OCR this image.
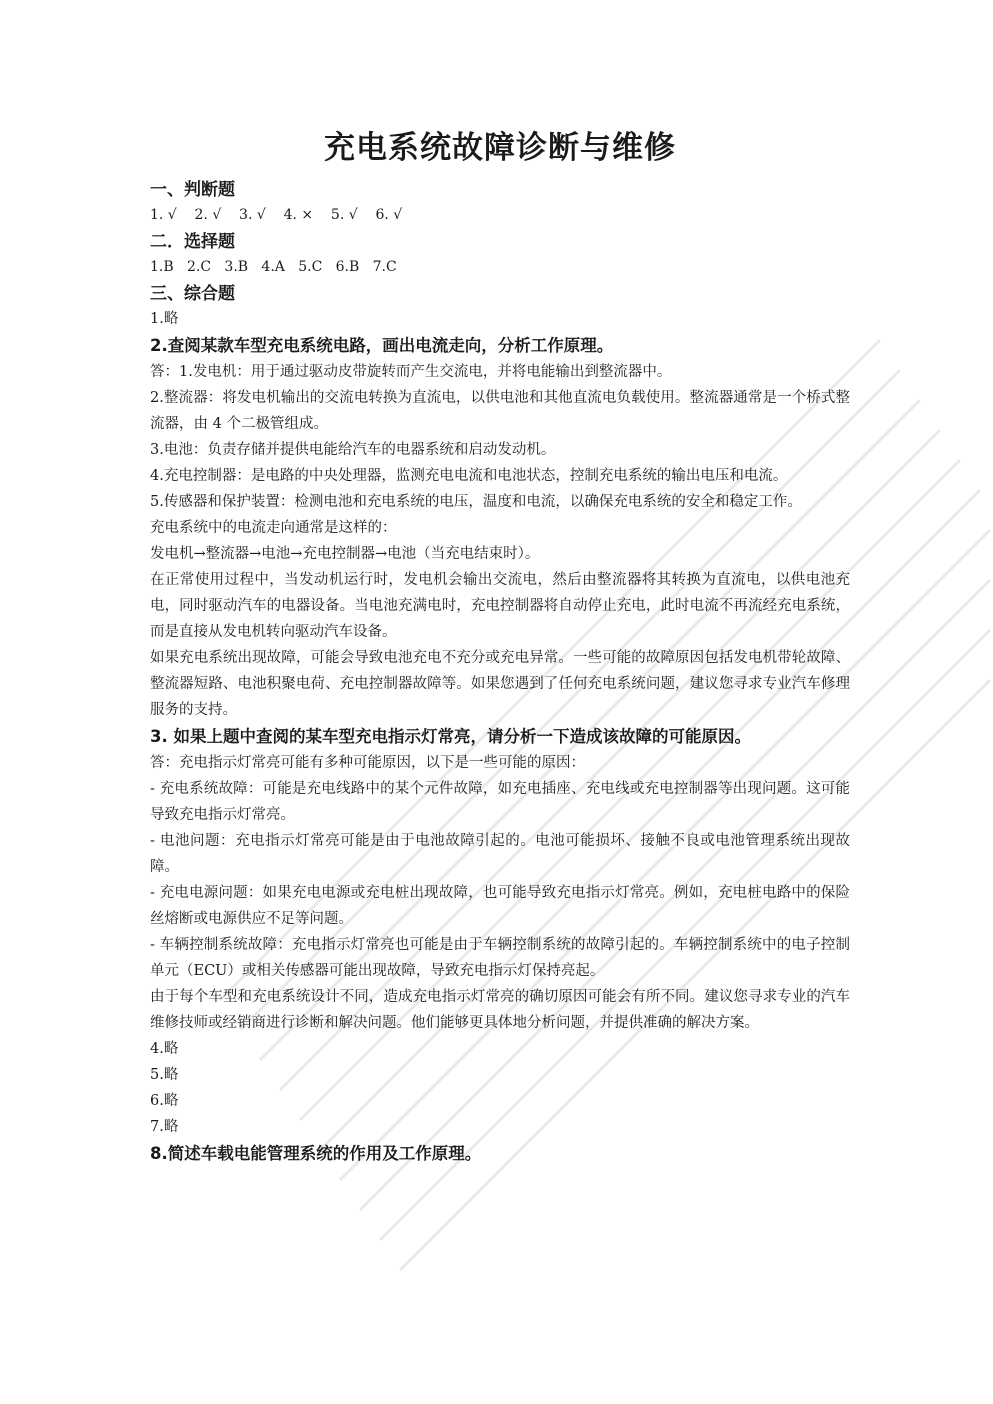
充电系统故障诊断与维修
一、判断题
1. √    2. √    3. √    4. ×    5. √    6. √
二．选择题
1.B   2.C   3.B   4.A   5.C   6.B   7.C
三、综合题

1.略

2.查阅某款车型充电系统电路，画出电流走向，分析工作原理。

答：1.发电机：用于通过驱动皮带旋转而产生交流电，并将电能输出到整流器中。

2.整流器：将发电机输出的交流电转换为直流电，以供电池和其他直流电负载使用。整流器通常是一个桥式整流器，由 4 个二极管组成。

3.电池：负责存储并提供电能给汽车的电器系统和启动发动机。

4.充电控制器：是电路的中央处理器，监测充电电流和电池状态，控制充电系统的输出电压和电流。

5.传感器和保护装置：检测电池和充电系统的电压，温度和电流，以确保充电系统的安全和稳定工作。

充电系统中的电流走向通常是这样的：

发电机→整流器→电池→充电控制器→电池（当充电结束时）。

在正常使用过程中，当发动机运行时，发电机会输出交流电，然后由整流器将其转换为直流电，以供电池充电，同时驱动汽车的电器设备。当电池充满电时，充电控制器将自动停止充电，此时电流不再流经充电系统，而是直接从发电机转向驱动汽车设备。

如果充电系统出现故障，可能会导致电池充电不充分或充电异常。一些可能的故障原因包括发电机带轮故障、整流器短路、电池积聚电荷、充电控制器故障等。如果您遇到了任何充电系统问题，建议您寻求专业汽车修理服务的支持。

3. 如果上题中查阅的某车型充电指示灯常亮，请分析一下造成该故障的可能原因。

答：充电指示灯常亮可能有多种可能原因，以下是一些可能的原因：

- 充电系统故障：可能是充电线路中的某个元件故障，如充电插座、充电线或充电控制器等出现问题。这可能导致充电指示灯常亮。

- 电池问题：充电指示灯常亮可能是由于电池故障引起的。电池可能损坏、接触不良或电池管理系统出现故障。

- 充电电源问题：如果充电电源或充电桩出现故障，也可能导致充电指示灯常亮。例如，充电桩电路中的保险丝熔断或电源供应不足等问题。

- 车辆控制系统故障：充电指示灯常亮也可能是由于车辆控制系统的故障引起的。车辆控制系统中的电子控制单元（ECU）或相关传感器可能出现故障，导致充电指示灯保持亮起。

由于每个车型和充电系统设计不同，造成充电指示灯常亮的确切原因可能会有所不同。建议您寻求专业的汽车维修技师或经销商进行诊断和解决问题。他们能够更具体地分析问题，并提供准确的解决方案。

4.略

5.略

6.略

7.略

8.简述车载电能管理系统的作用及工作原理。
